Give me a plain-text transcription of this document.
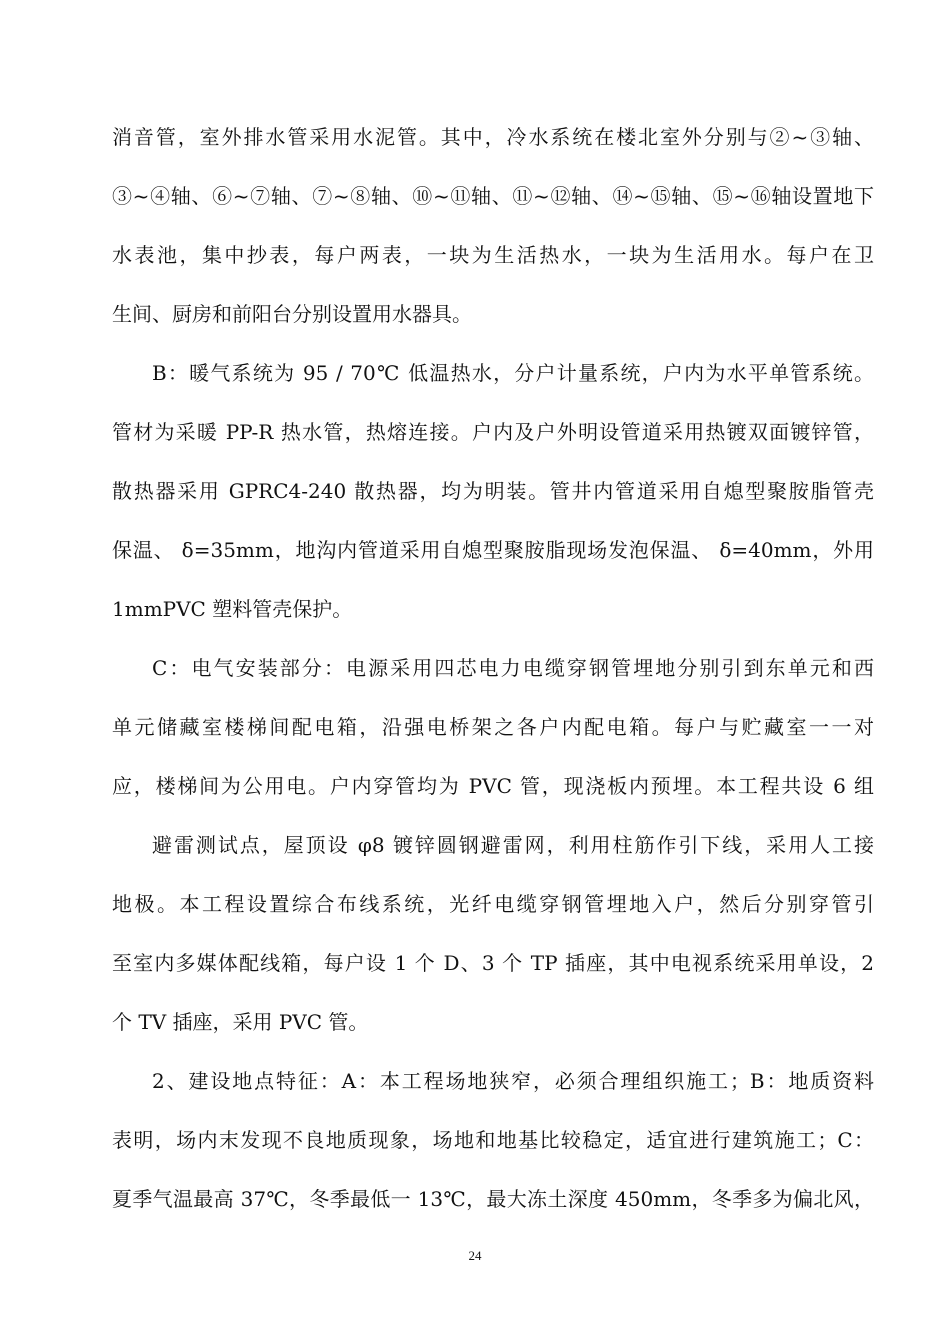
消音管，室外排水管采用水泥管。其中，冷水系统在楼北室外分别与②~③轴、
③~④轴、⑥~⑦轴、⑦~⑧轴、⑩~⑪轴、⑪~⑫轴、⑭~⑮轴、⑮~⑯轴设置地下
水表池，集中抄表，每户两表，一块为生活热水，一块为生活用水。每户在卫
生间、厨房和前阳台分别设置用水器具。
B：暖气系统为 95 / 70℃ 低温热水，分户计量系统，户内为水平单管系统。
管材为采暖 PP-R 热水管，热熔连接。户内及户外明设管道采用热镀双面镀锌管，
散热器采用 GPRC4-240 散热器，均为明装。管井内管道采用自熄型聚胺脂管壳
保温、 δ=35mm，地沟内管道采用自熄型聚胺脂现场发泡保温、 δ=40mm，外用
1mmPVC 塑料管壳保护。
C：电气安装部分：电源采用四芯电力电缆穿钢管埋地分别引到东单元和西
单元储藏室楼梯间配电箱，沿强电桥架之各户内配电箱。每户与贮藏室一一对
应，楼梯间为公用电。户内穿管均为 PVC 管，现浇板内预埋。本工程共设 6 组
避雷测试点，屋顶设 φ8 镀锌圆钢避雷网，利用柱筋作引下线，采用人工接
地极。本工程设置综合布线系统，光纤电缆穿钢管埋地入户，然后分别穿管引
至室内多媒体配线箱，每户设 1 个 D、3 个 TP 插座，其中电视系统采用单设，2
个 TV 插座，采用 PVC 管。
2、建设地点特征：A：本工程场地狭窄，必须合理组织施工；B：地质资料
表明，场内末发现不良地质现象，场地和地基比较稳定，适宜进行建筑施工；C：
夏季气温最高 37℃，冬季最低一 13℃，最大冻土深度 450mm，冬季多为偏北风，
24
